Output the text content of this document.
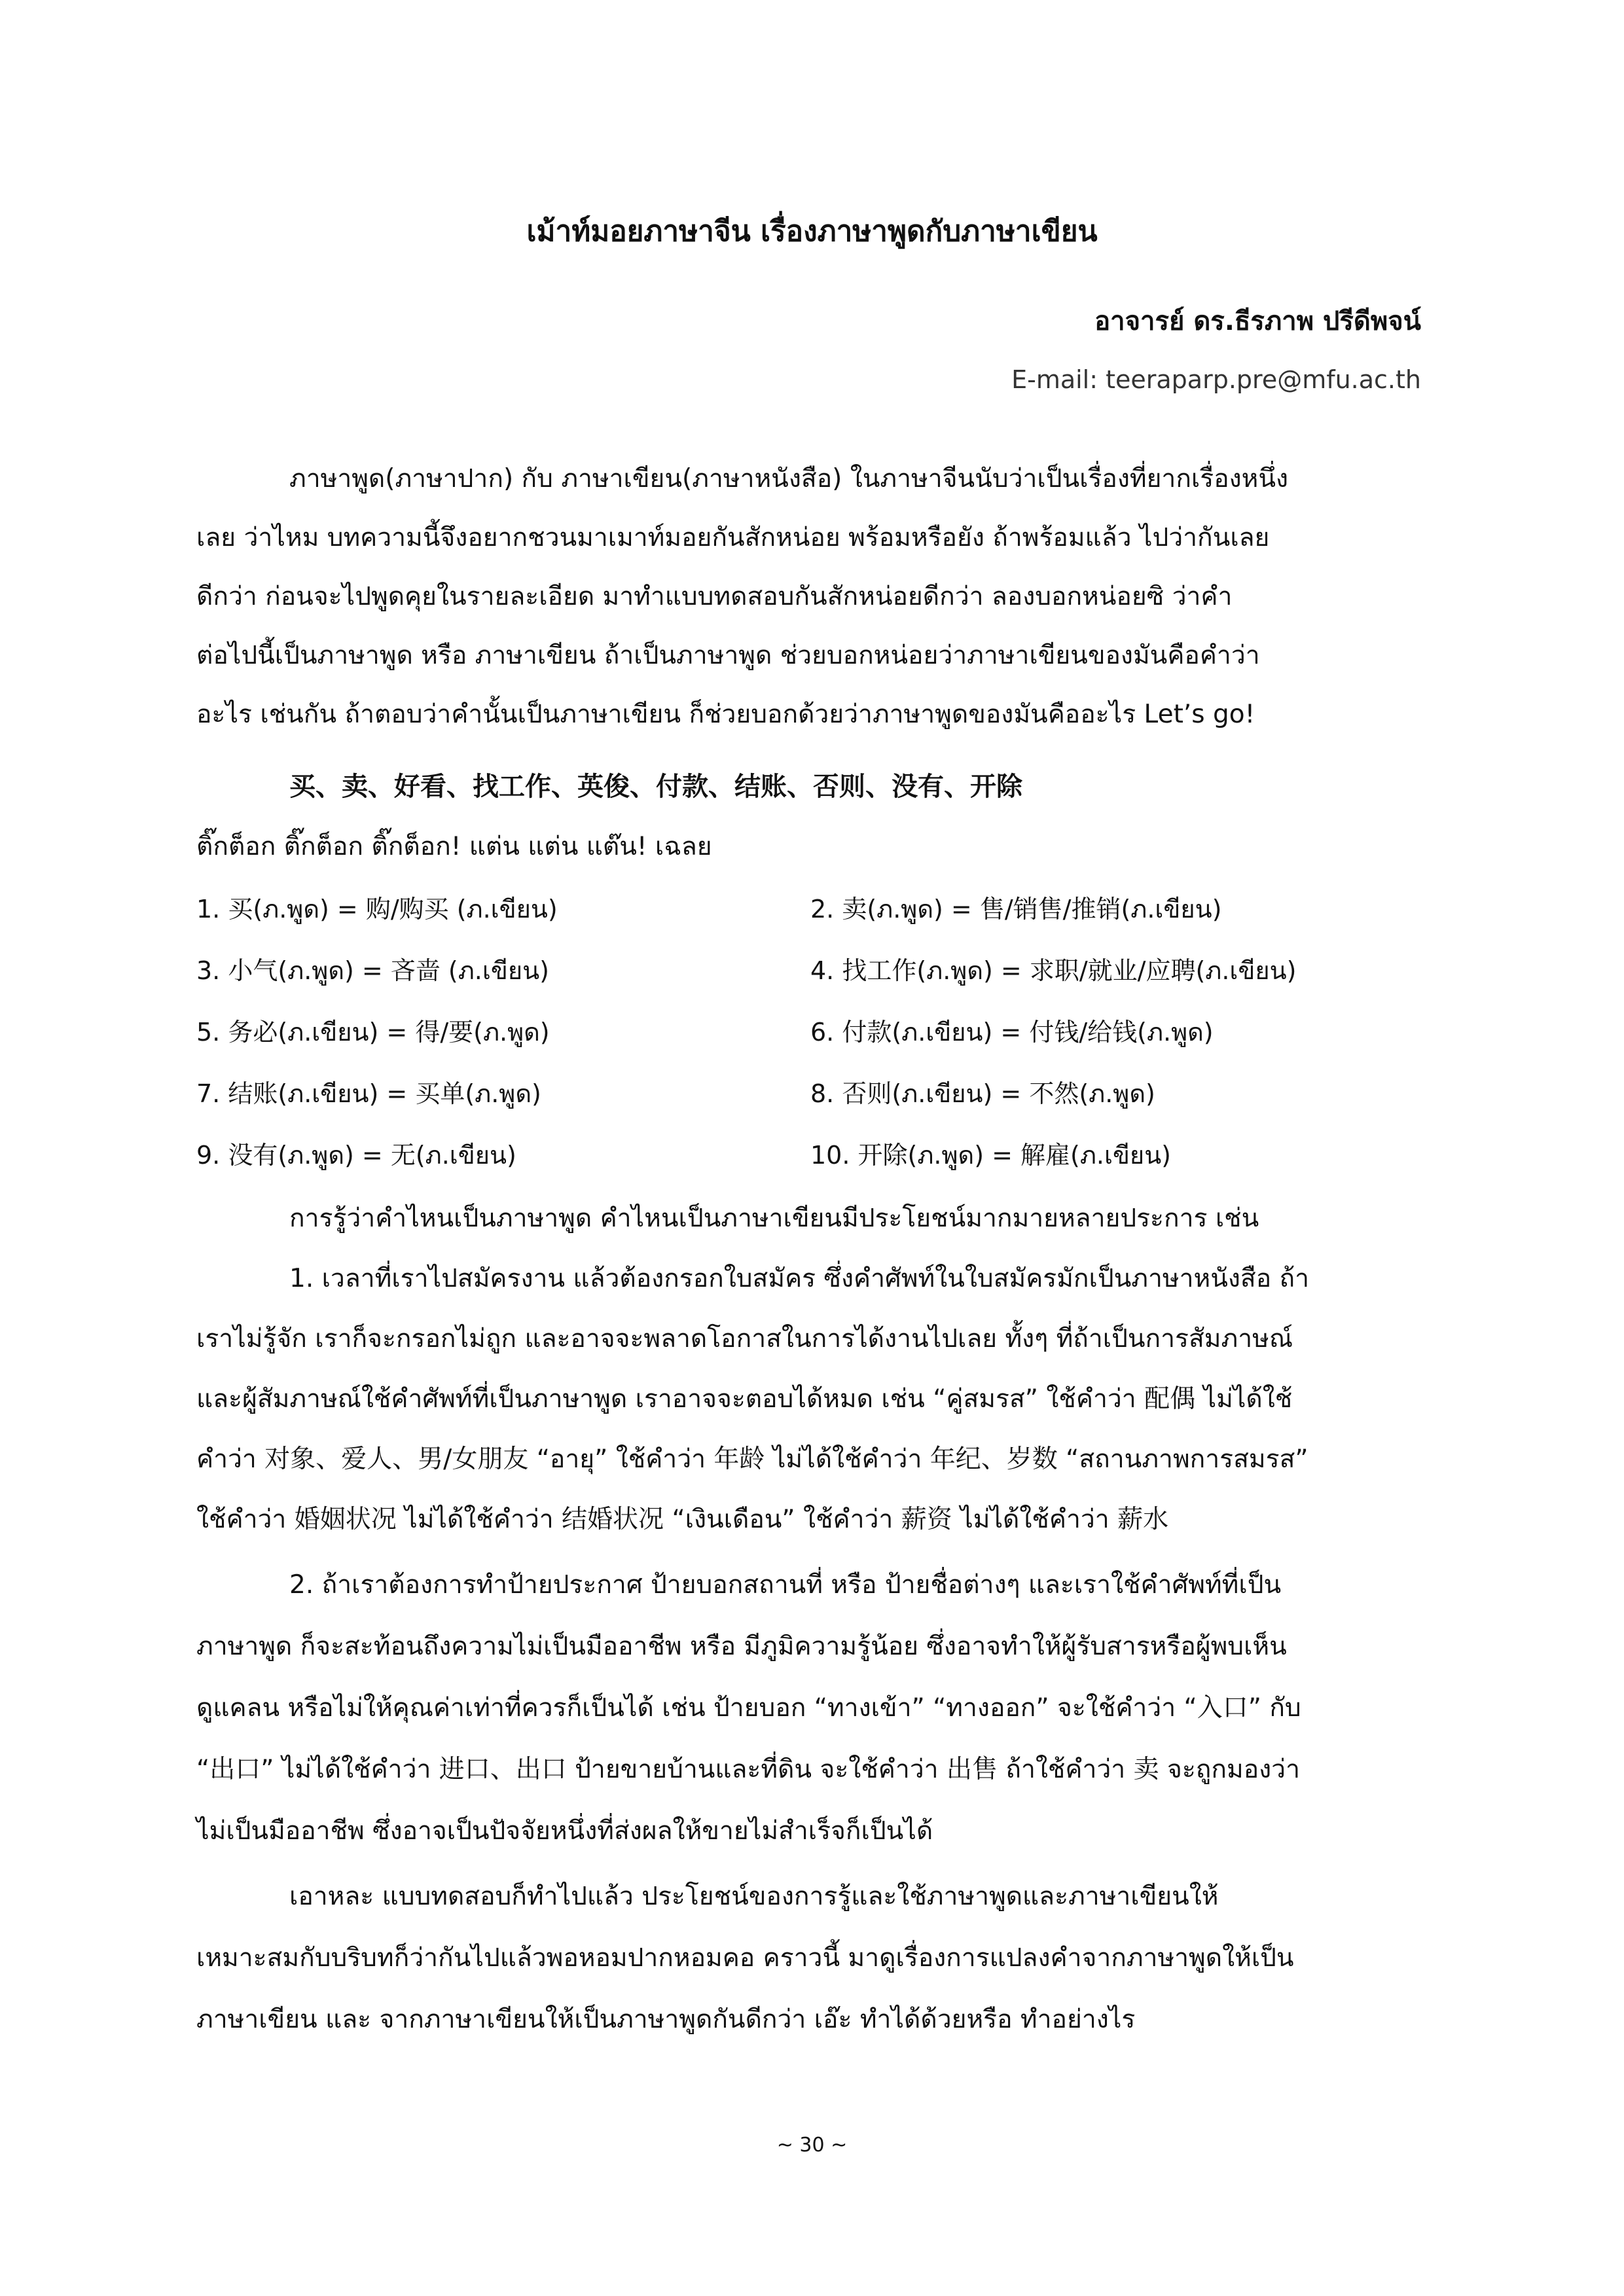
เม้าท์มอยภาษาจีน เรื่องภาษาพูดกับภาษาเขียน
อาจารย์ ดร.ธีรภาพ ปรีดีพจน์
E-mail: teeraparp.pre@mfu.ac.th
ภาษาพูด(ภาษาปาก) กับ ภาษาเขียน(ภาษาหนังสือ) ในภาษาจีนนับว่าเป็นเรื่องที่ยากเรื่องหนึ่ง
เลย ว่าไหม บทความนี้จึงอยากชวนมาเมาท์มอยกันสักหน่อย พร้อมหรือยัง ถ้าพร้อมแล้ว ไปว่ากันเลย
ดีกว่า ก่อนจะไปพูดคุยในรายละเอียด มาทำแบบทดสอบกันสักหน่อยดีกว่า ลองบอกหน่อยซิ ว่าคำ
ต่อไปนี้เป็นภาษาพูด หรือ ภาษาเขียน ถ้าเป็นภาษาพูด ช่วยบอกหน่อยว่าภาษาเขียนของมันคือคำว่า
อะไร เช่นกัน ถ้าตอบว่าคำนั้นเป็นภาษาเขียน ก็ช่วยบอกด้วยว่าภาษาพูดของมันคืออะไร Let’s go!
买、卖、好看、找工作、英俊、付款、结账、否则、没有、开除
ติ๊กต็อก ติ๊กต็อก ติ๊กต็อก! แต่น แต่น แต๊น! เฉลย
1. 买(ภ.พูด) = 购/购买 (ภ.เขียน)	2. 卖(ภ.พูด) = 售/销售/推销(ภ.เขียน)
3. 小气(ภ.พูด) = 吝啬 (ภ.เขียน)	4. 找工作(ภ.พูด) = 求职/就业/应聘(ภ.เขียน)
5. 务必(ภ.เขียน) = 得/要(ภ.พูด)	6. 付款(ภ.เขียน) = 付钱/给钱(ภ.พูด)
7. 结账(ภ.เขียน) = 买单(ภ.พูด)	8. 否则(ภ.เขียน) = 不然(ภ.พูด)
9. 没有(ภ.พูด) = 无(ภ.เขียน)	10. 开除(ภ.พูด) = 解雇(ภ.เขียน)
การรู้ว่าคำไหนเป็นภาษาพูด คำไหนเป็นภาษาเขียนมีประโยชน์มากมายหลายประการ เช่น
1. เวลาที่เราไปสมัครงาน แล้วต้องกรอกใบสมัคร ซึ่งคำศัพท์ในใบสมัครมักเป็นภาษาหนังสือ ถ้า
เราไม่รู้จัก เราก็จะกรอกไม่ถูก และอาจจะพลาดโอกาสในการได้งานไปเลย ทั้งๆ ที่ถ้าเป็นการสัมภาษณ์
และผู้สัมภาษณ์ใช้คำศัพท์ที่เป็นภาษาพูด เราอาจจะตอบได้หมด เช่น “คู่สมรส” ใช้คำว่า 配偶 ไม่ได้ใช้
คำว่า 对象、爱人、男/女朋友 “อายุ” ใช้คำว่า 年龄 ไม่ได้ใช้คำว่า 年纪、岁数 “สถานภาพการสมรส”
ใช้คำว่า 婚姻状况 ไม่ได้ใช้คำว่า 结婚状况 “เงินเดือน” ใช้คำว่า 薪资 ไม่ได้ใช้คำว่า 薪水
2. ถ้าเราต้องการทำป้ายประกาศ ป้ายบอกสถานที่ หรือ ป้ายชื่อต่างๆ และเราใช้คำศัพท์ที่เป็น
ภาษาพูด ก็จะสะท้อนถึงความไม่เป็นมืออาชีพ หรือ มีภูมิความรู้น้อย ซึ่งอาจทำให้ผู้รับสารหรือผู้พบเห็น
ดูแคลน หรือไม่ให้คุณค่าเท่าที่ควรก็เป็นได้ เช่น ป้ายบอก “ทางเข้า” “ทางออก” จะใช้คำว่า “入口” กับ
“出口” ไม่ได้ใช้คำว่า 进口、出口 ป้ายขายบ้านและที่ดิน จะใช้คำว่า 出售 ถ้าใช้คำว่า 卖 จะถูกมองว่า
ไม่เป็นมืออาชีพ ซึ่งอาจเป็นปัจจัยหนึ่งที่ส่งผลให้ขายไม่สำเร็จก็เป็นได้
เอาหละ แบบทดสอบก็ทำไปแล้ว ประโยชน์ของการรู้และใช้ภาษาพูดและภาษาเขียนให้
เหมาะสมกับบริบทก็ว่ากันไปแล้วพอหอมปากหอมคอ คราวนี้ มาดูเรื่องการแปลงคำจากภาษาพูดให้เป็น
ภาษาเขียน และ จากภาษาเขียนให้เป็นภาษาพูดกันดีกว่า เอ๊ะ ทำได้ด้วยหรือ ทำอย่างไร
~ 30 ~
